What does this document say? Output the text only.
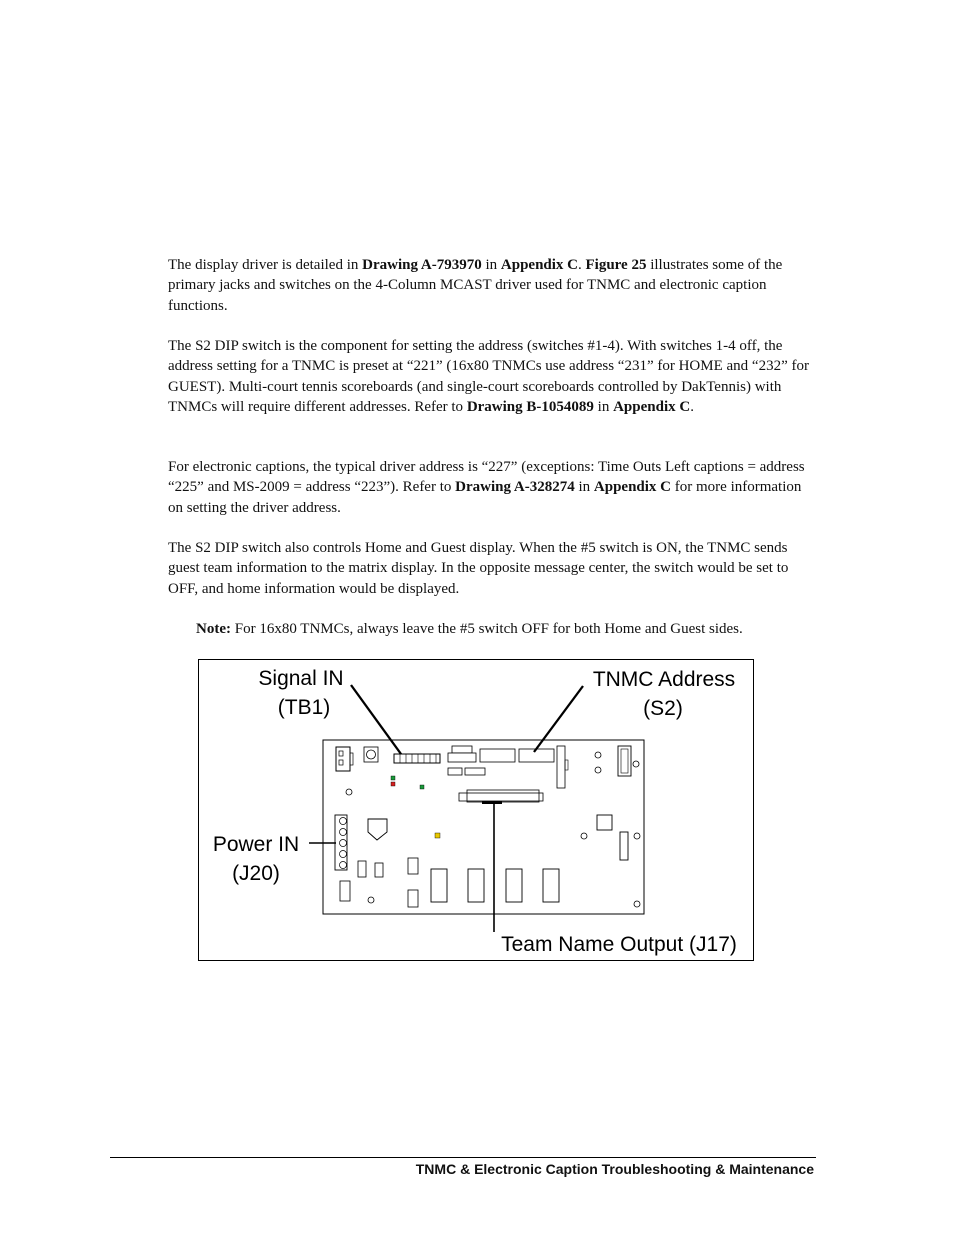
The display driver is detailed in Drawing A-793970 in Appendix C. Figure 25 illustrates some of the primary jacks and switches on the 4-Column MCAST driver used for TNMC and electronic caption functions.

The S2 DIP switch is the component for setting the address (switches #1-4). With switches 1-4 off, the address setting for a TNMC is preset at “221” (16x80 TNMCs use address “231” for HOME and “232” for GUEST). Multi-court tennis scoreboards (and single-court scoreboards controlled by DakTennis) with TNMCs will require different addresses. Refer to Drawing B-1054089 in Appendix C.

For electronic captions, the typical driver address is “227” (exceptions: Time Outs Left captions = address “225” and MS-2009 = address “223”). Refer to Drawing A-328274 in Appendix C for more information on setting the driver address.

The S2 DIP switch also controls Home and Guest display. When the #5 switch is ON, the TNMC sends guest team information to the matrix display. In the opposite message center, the switch would be set to OFF, and home information would be displayed.

Note: For 16x80 TNMCs, always leave the #5 switch OFF for both Home and Guest sides.

Signal IN
(TB1)
TNMC Address
(S2)
Power IN
(J20)
Team Name Output (J17)
TNMC & Electronic Caption Troubleshooting & Maintenance
